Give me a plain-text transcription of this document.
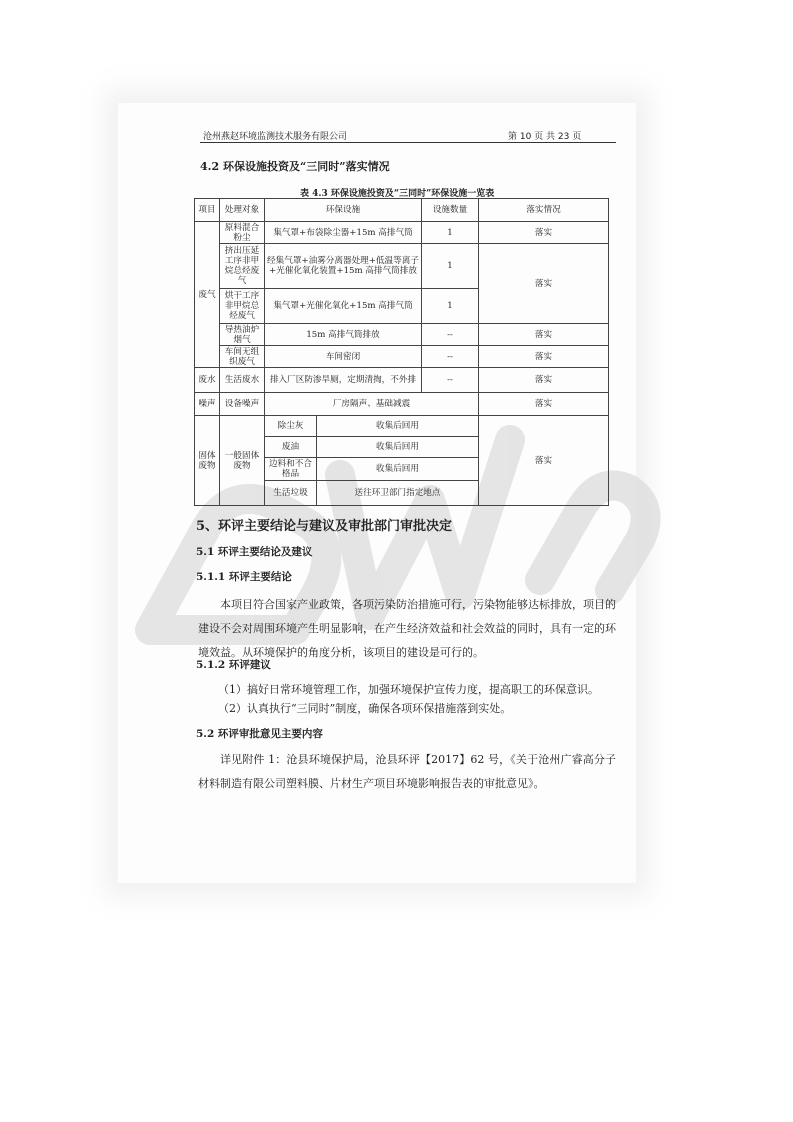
沧州燕赵环境监测技术服务有限公司	第 10 页 共 23 页
4.2 环保设施投资及“三同时”落实情况
表 4.3 环保设施投资及“三同时”环保设施一览表
项目	处理对象	环保设施		设施数量	落实情况
废气	原料混合粉尘	集气罩+布袋除尘器+15m 高排气筒		1	落实
	挤出压延工序非甲烷总烃废气	经集气罩+油雾分离器处理+低温等离子+光催化氧化装置+15m 高排气筒排放		1	落实
	烘干工序非甲烷总烃废气	集气罩+光催化氧化+15m 高排气筒		1	
	导热油炉烟气	15m 高排气筒排放		--	落实
	车间无组织废气	车间密闭		--	落实

废水	生活废水	排入厂区防渗旱厕，定期清掏，不外排		--	落实
噪声	设备噪声	厂房隔声、基础减震			落实
固体废物	一般固体废物	除尘灰	收集后回用		落实
		废油	收集后回用		
		边料和不合格品	收集后回用		
		生活垃圾	送往环卫部门指定地点		
5、环评主要结论与建议及审批部门审批决定
5.1 环评主要结论及建议
5.1.1 环评主要结论
本项目符合国家产业政策，各项污染防治措施可行，污染物能够达标排放，项目的建设不会对周围环境产生明显影响，在产生经济效益和社会效益的同时，具有一定的环境效益。从环境保护的角度分析，该项目的建设是可行的。
5.1.2 环评建议
（1）搞好日常环境管理工作，加强环境保护宣传力度，提高职工的环保意识。
（2）认真执行“三同时”制度，确保各项环保措施落到实处。
5.2 环评审批意见主要内容
详见附件 1：沧县环境保护局，沧县环评【2017】62 号，《关于沧州广睿高分子材料制造有限公司塑料膜、片材生产项目环境影响报告表的审批意见》。
